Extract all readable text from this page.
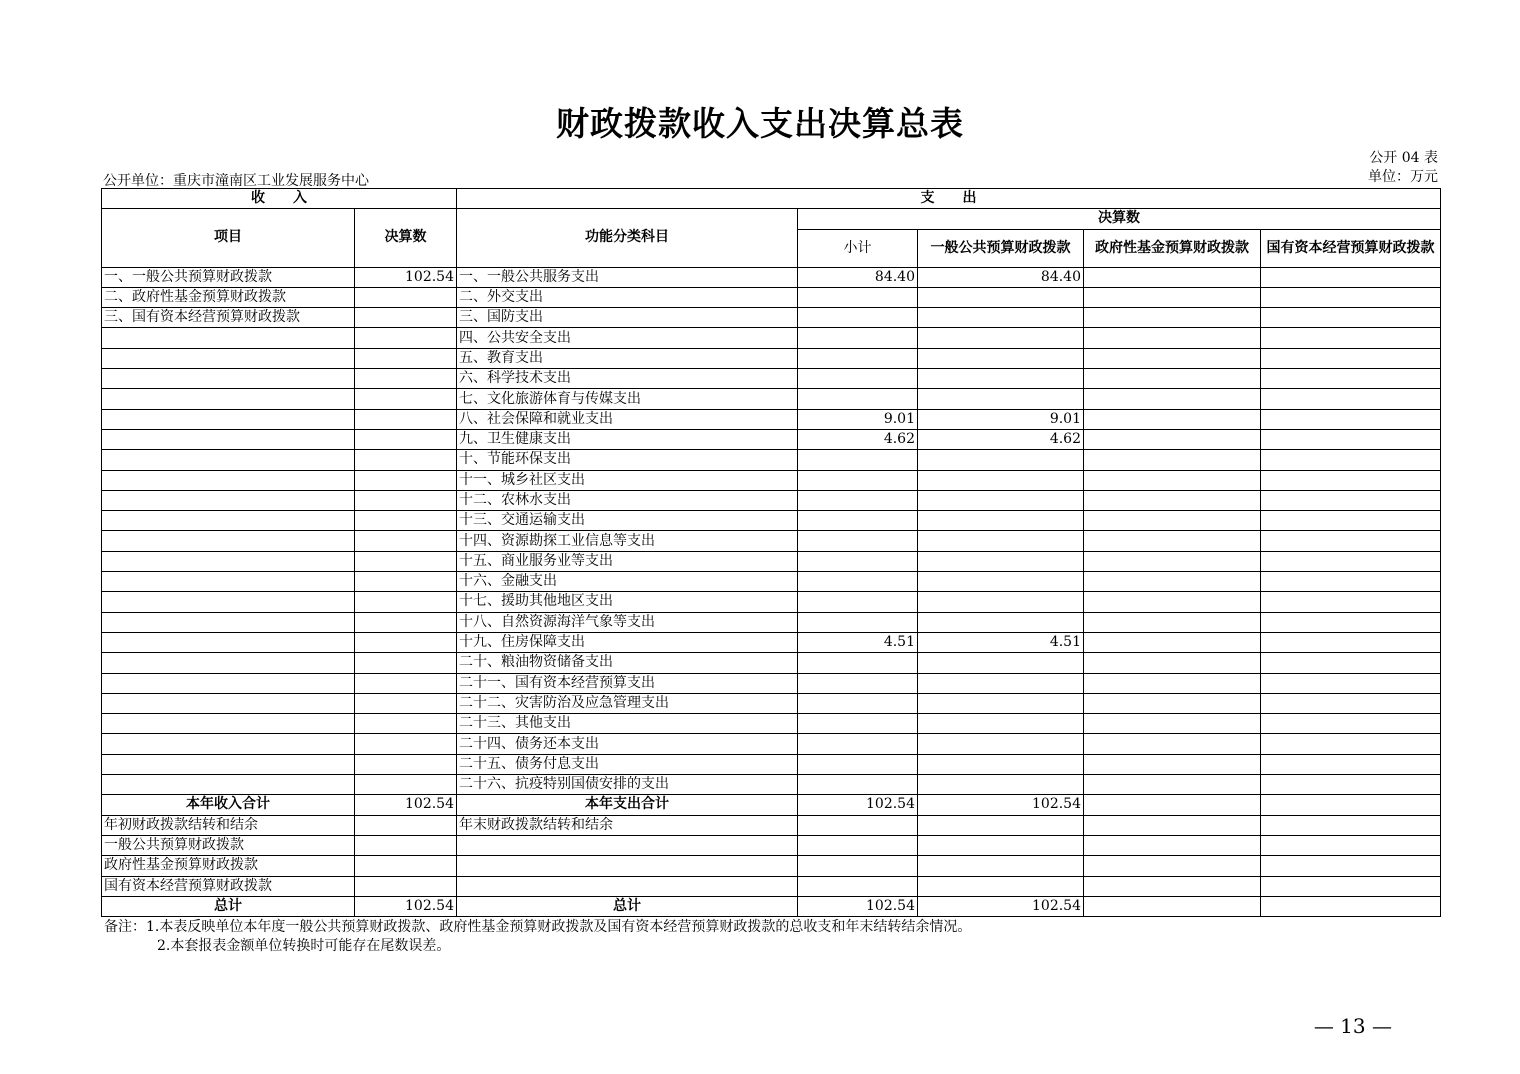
财政拨款收入支出决算总表
公开 04 表
单位：万元
公开单位：重庆市潼南区工业发展服务中心
收　　入		支　　出				
项目	决算数	功能分类科目	决算数			
			小计	一般公共预算财政拨款	政府性基金预算财政拨款	国有资本经营预算财政拨款
一、一般公共预算财政拨款	102.54	一、一般公共服务支出	84.40	84.40		
二、政府性基金预算财政拨款		二、外交支出				
三、国有资本经营预算财政拨款		三、国防支出				
		四、公共安全支出				
		五、教育支出				
		六、科学技术支出				
		七、文化旅游体育与传媒支出				
		八、社会保障和就业支出	9.01	9.01		
		九、卫生健康支出	4.62	4.62		
		十、节能环保支出				
		十一、城乡社区支出				
		十二、农林水支出				
		十三、交通运输支出				
		十四、资源勘探工业信息等支出				
		十五、商业服务业等支出				
		十六、金融支出				
		十七、援助其他地区支出				
		十八、自然资源海洋气象等支出				
		十九、住房保障支出	4.51	4.51		
		二十、粮油物资储备支出				
		二十一、国有资本经营预算支出				
		二十二、灾害防治及应急管理支出				
		二十三、其他支出				
		二十四、债务还本支出				
		二十五、债务付息支出				
		二十六、抗疫特别国债安排的支出				
本年收入合计	102.54	本年支出合计	102.54	102.54		
年初财政拨款结转和结余		年末财政拨款结转和结余				
一般公共预算财政拨款						
政府性基金预算财政拨款						
国有资本经营预算财政拨款						
总计	102.54	总计	102.54	102.54		
备注：1.本表反映单位本年度一般公共预算财政拨款、政府性基金预算财政拨款及国有资本经营预算财政拨款的总收支和年末结转结余情况。
2.本套报表金额单位转换时可能存在尾数误差。
— 13 —
